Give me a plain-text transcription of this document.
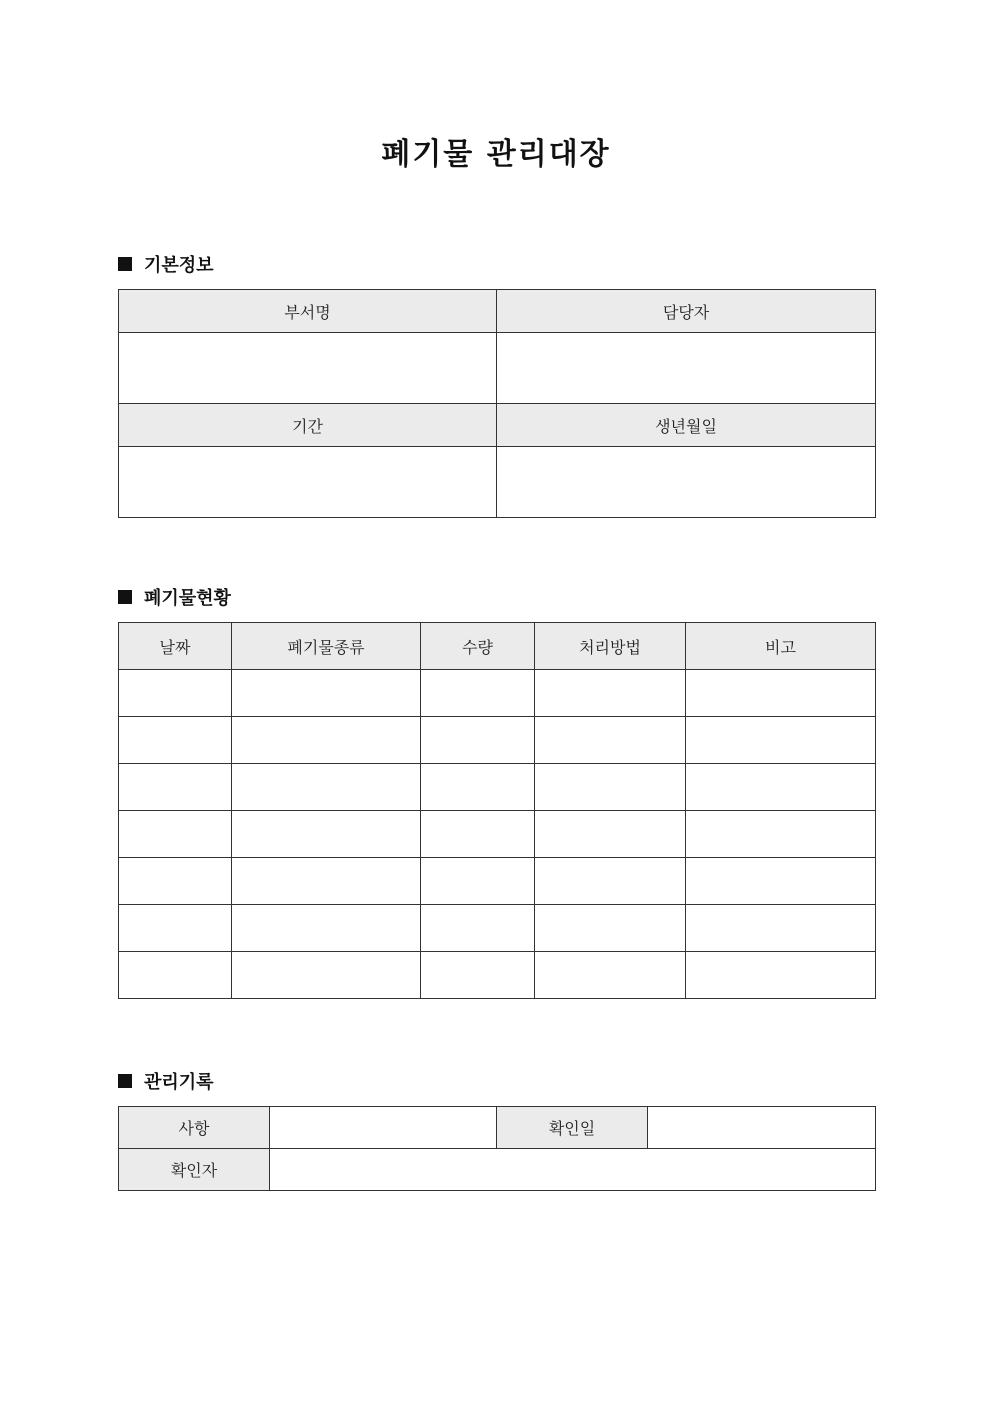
폐기물 관리대장
기본정보
부서명	담당자

기간	생년월일

폐기물현황
날짜	폐기물종류	수량	처리방법	비고

관리기록
사항		확인일	
확인자			
